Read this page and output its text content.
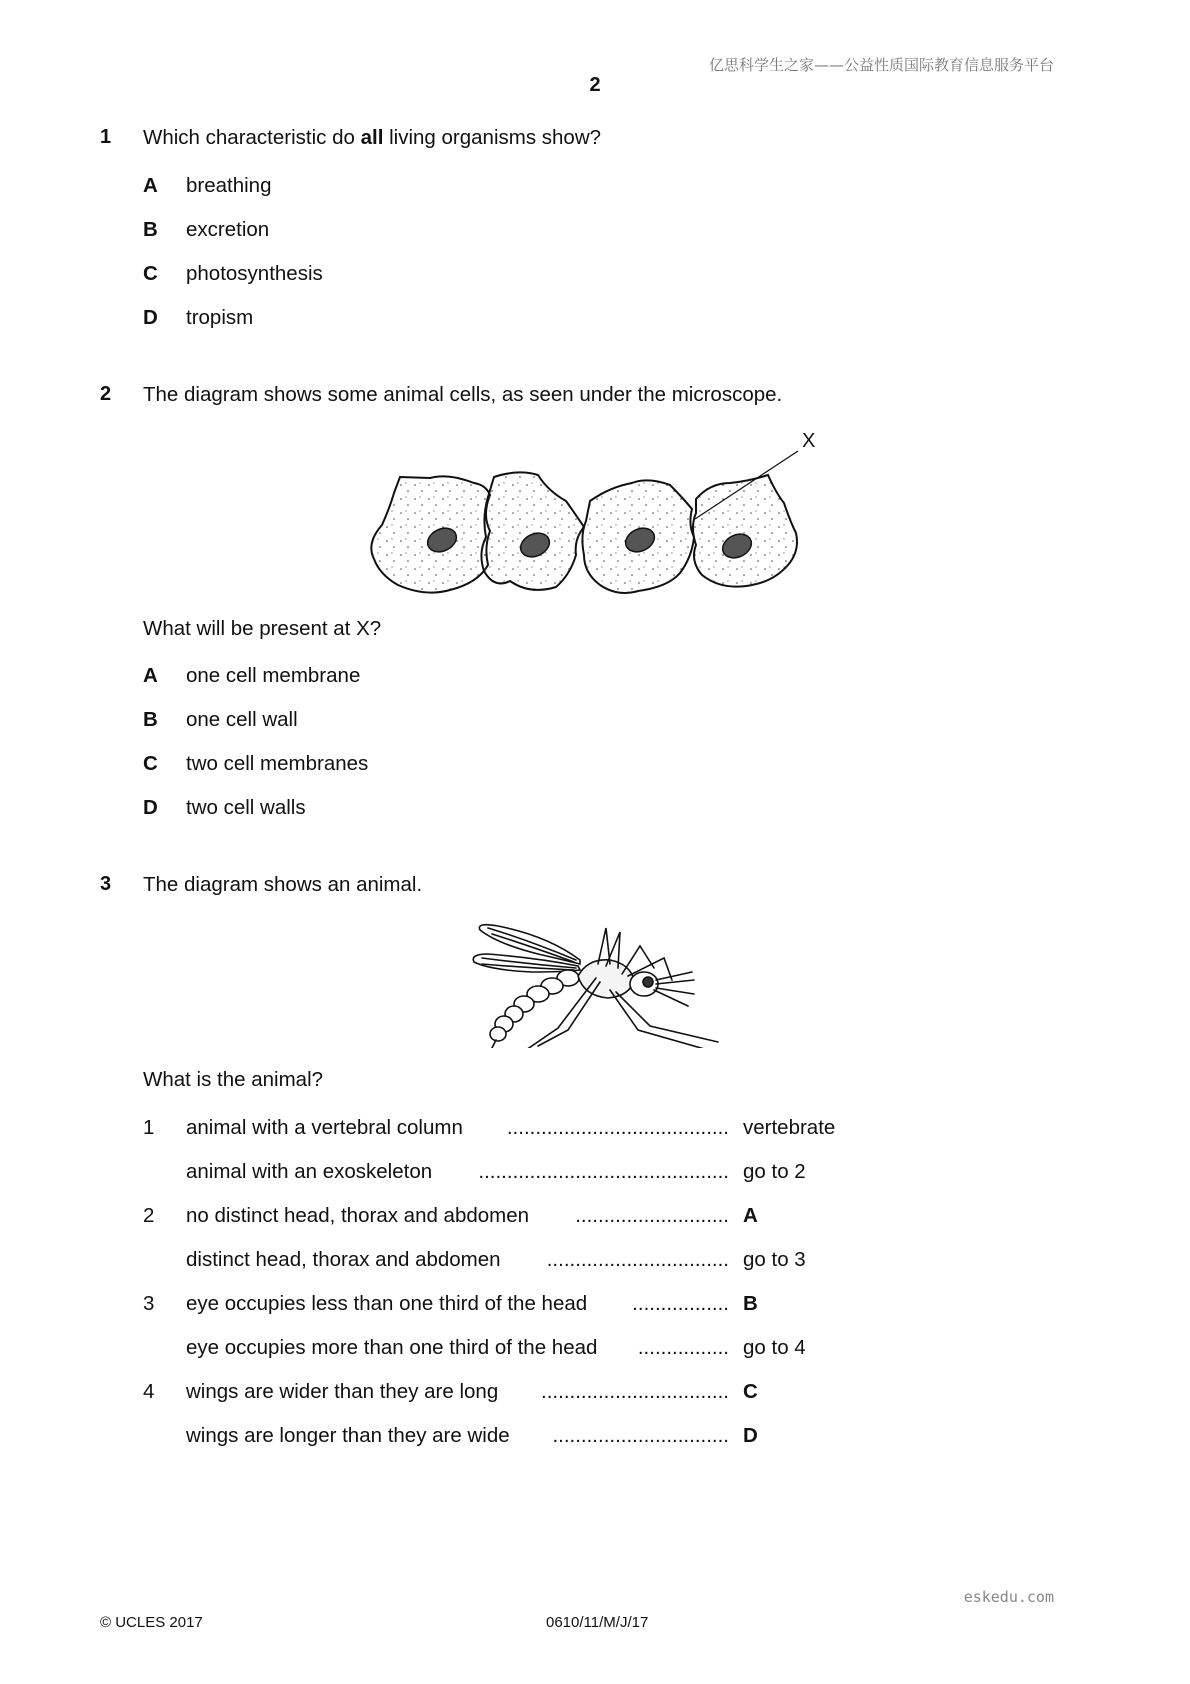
亿思科学生之家——公益性质国际教育信息服务平台
2
1 Which characteristic do all living organisms show?
A breathing
B excretion
C photosynthesis
D tropism
2 The diagram shows some animal cells, as seen under the microscope.
X
What will be present at X?
A one cell membrane
B one cell wall
C two cell membranes
D two cell walls
3 The diagram shows an animal.
What is the animal?
1 animal with a vertebral column	....................................... vertebrate
animal with an exoskeleton	............................................ go to 2
2 no distinct head, thorax and abdomen	........................... A
distinct head, thorax and abdomen	................................ go to 3
3 eye occupies less than one third of the head ................. B
eye occupies more than one third of the head ................ go to 4
4 wings are wider than they are long	................................. C
wings are longer than they are wide	............................... D
eskedu.com
© UCLES 2017	0610/11/M/J/17
